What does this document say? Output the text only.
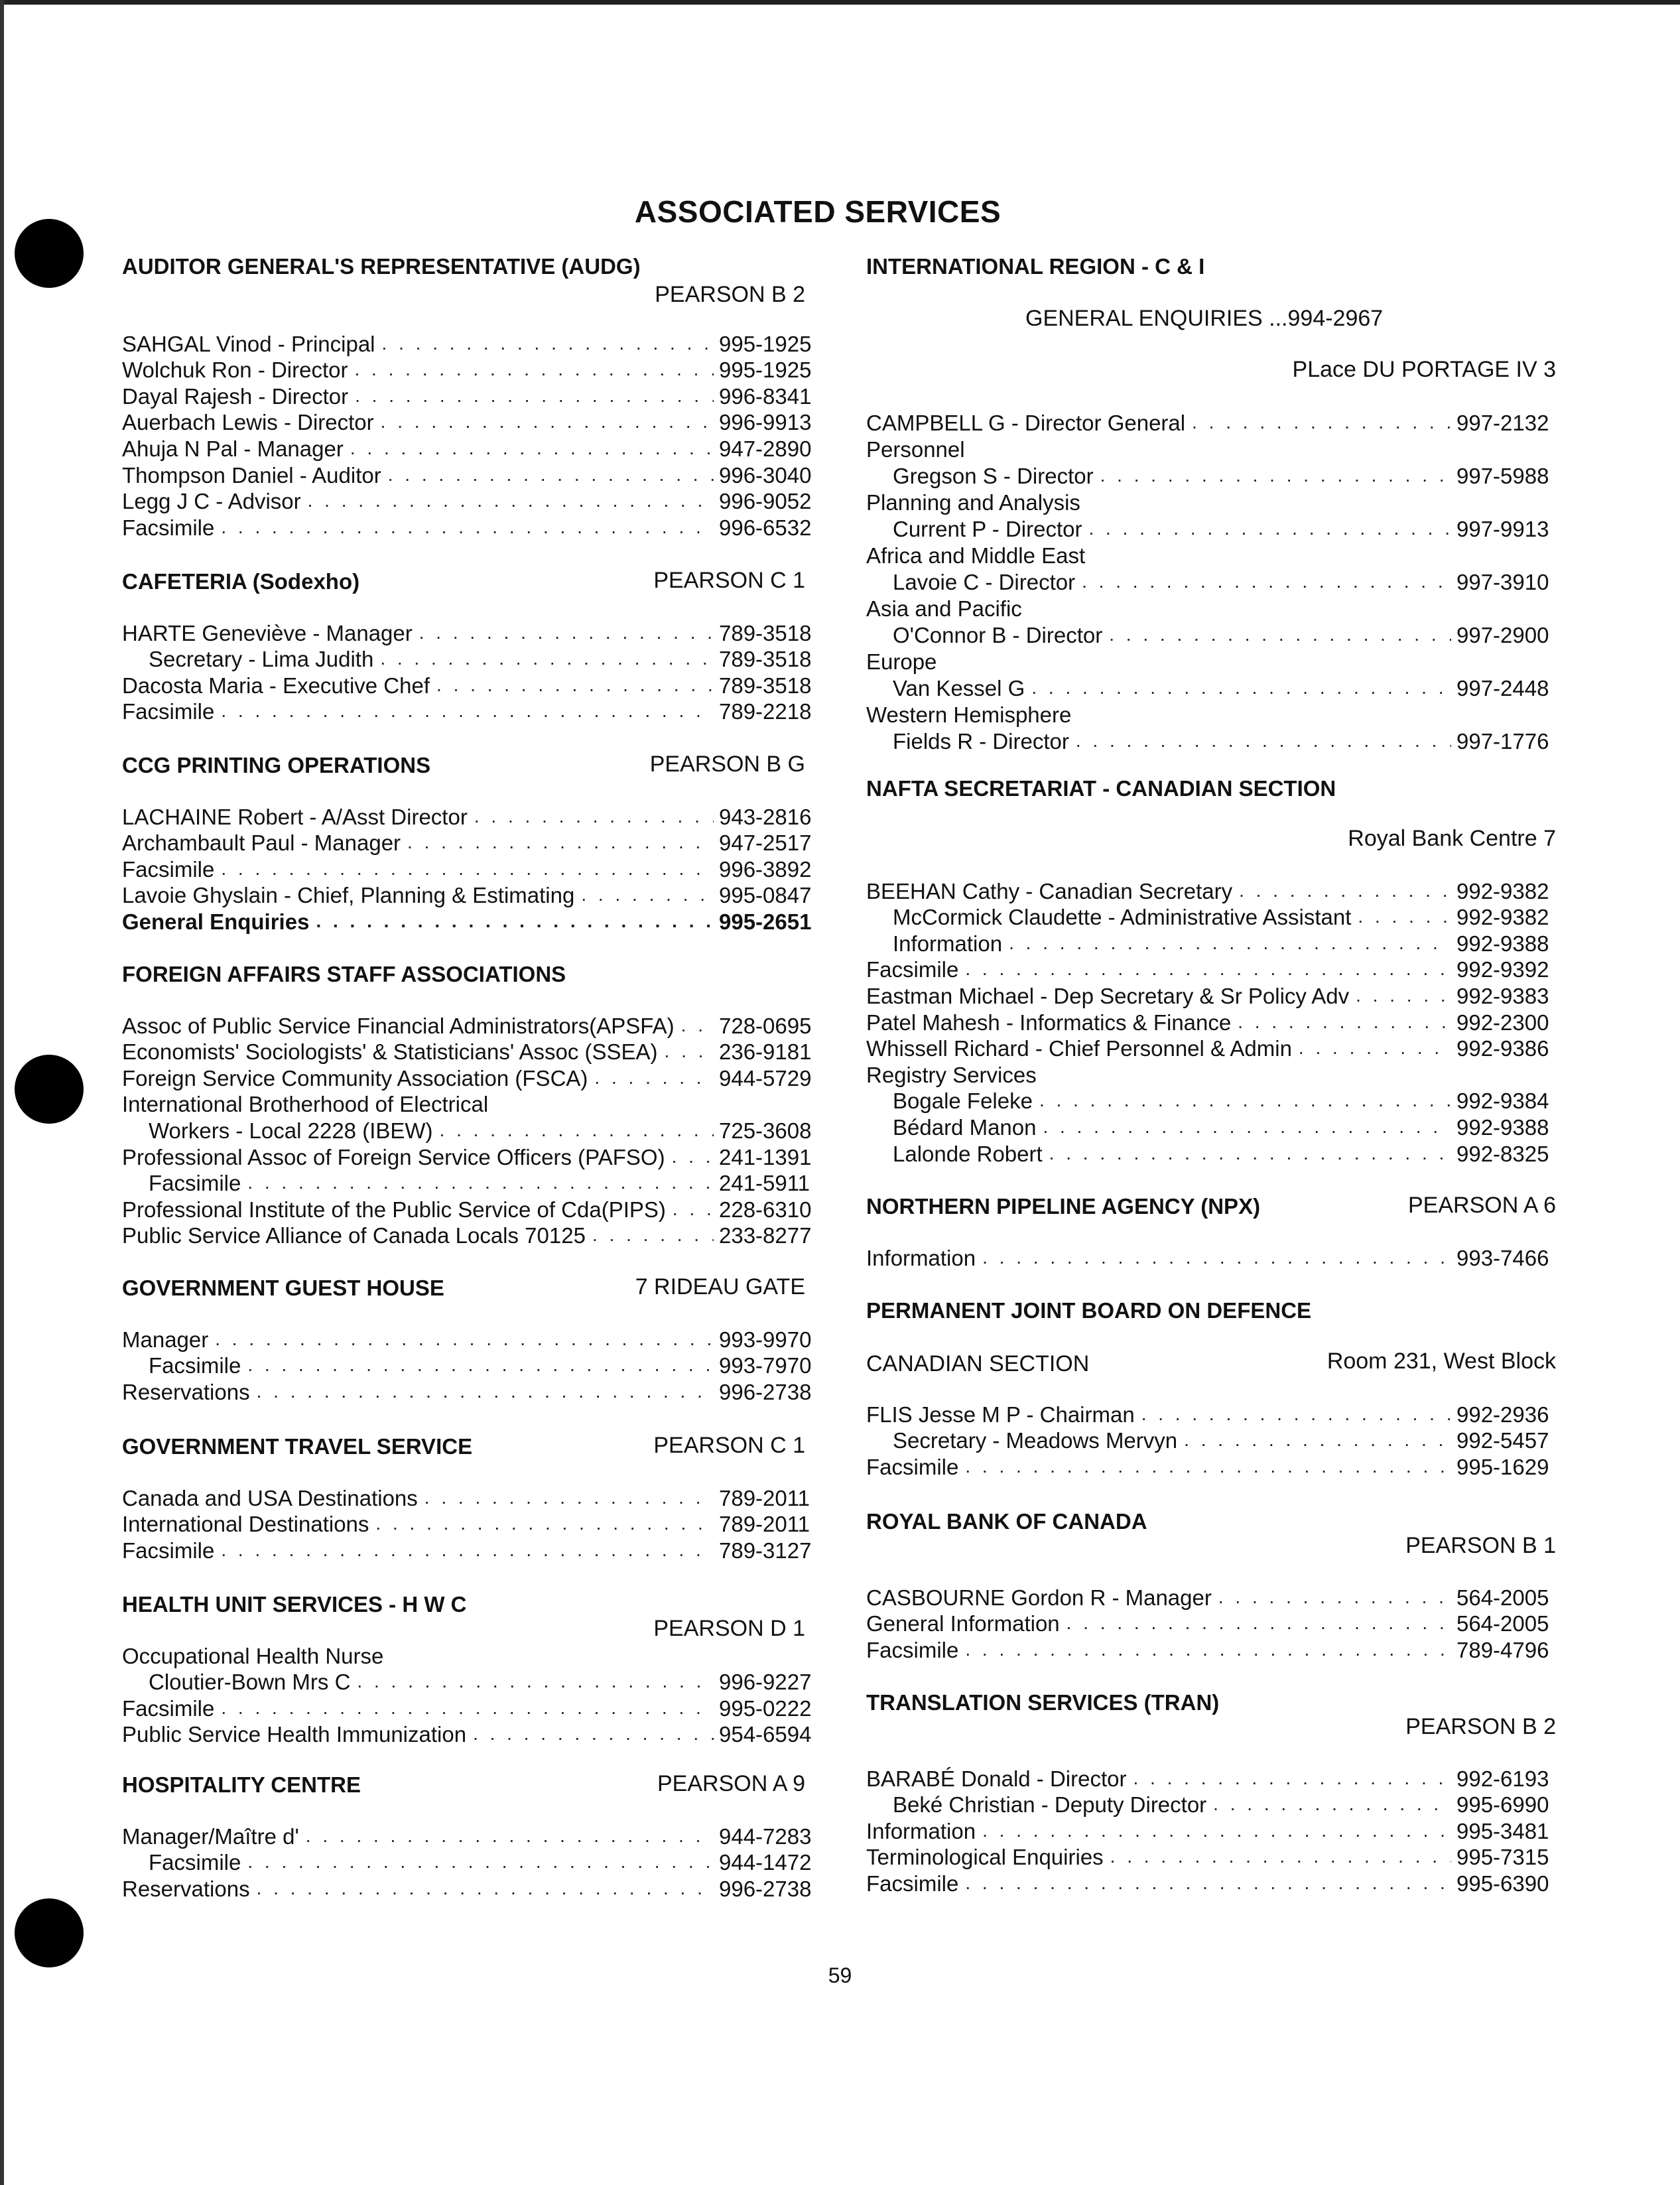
ASSOCIATED SERVICES
AUDITOR GENERAL'S REPRESENTATIVE (AUDG)
PEARSON B 2
SAHGAL Vinod - Principal . . .	995-1925
Wolchuk Ron - Director . . .	995-1925
Dayal Rajesh - Director . . .	996-8341
Auerbach Lewis - Director . . .	996-9913
Ahuja N Pal - Manager . . .	947-2890
Thompson Daniel - Auditor . . .	996-3040
Legg J C - Advisor . . .	996-9052
Facsimile . . .	996-6532
CAFETERIA (Sodexho)	PEARSON C 1
HARTE Geneviève - Manager . . .	789-3518
Secretary - Lima Judith . . .	789-3518
Dacosta Maria - Executive Chef . . .	789-3518
Facsimile . . .	789-2218
CCG PRINTING OPERATIONS	PEARSON B G
LACHAINE Robert - A/Asst Director . . .	943-2816
Archambault Paul - Manager . . .	947-2517
Facsimile . . .	996-3892
Lavoie Ghyslain - Chief, Planning & Estimating . . .	995-0847
General Enquiries . . .	995-2651
FOREIGN AFFAIRS STAFF ASSOCIATIONS
Assoc of Public Service Financial Administrators(APSFA) . . . 728-0695
Economists' Sociologists' & Statisticians' Assoc (SSEA) . . .	236-9181
Foreign Service Community Association (FSCA) . . .	944-5729
International Brotherhood of Electrical
Workers - Local 2228 (IBEW) . . .	725-3608
Professional Assoc of Foreign Service Officers (PAFSO) . . . 241-1391
Facsimile . . .	241-5911
Professional Institute of the Public Service of Cda(PIPS) . . . 228-6310
Public Service Alliance of Canada Locals 70125 . . .	233-8277
GOVERNMENT GUEST HOUSE	7 RIDEAU GATE
Manager . . .	993-9970
Facsimile . . .	993-7970
Reservations . . .	996-2738
GOVERNMENT TRAVEL SERVICE	PEARSON C 1
Canada and USA Destinations . . .	789-2011
International Destinations . . .	789-2011
Facsimile . . .	789-3127
HEALTH UNIT SERVICES - H W C
PEARSON D 1
Occupational Health Nurse
Cloutier-Bown Mrs C . . .	996-9227
Facsimile . . .	995-0222
Public Service Health Immunization . . .	954-6594
HOSPITALITY CENTRE	PEARSON A 9
Manager/Maître d' . . .	944-7283
Facsimile . . .	944-1472
Reservations . . .	996-2738
INTERNATIONAL REGION - C & I
GENERAL ENQUIRIES ...994-2967
PLace DU PORTAGE IV 3
CAMPBELL G - Director General . . .	997-2132
Personnel
Gregson S - Director . . .	997-5988
Planning and Analysis
Current P - Director . . .	997-9913
Africa and Middle East
Lavoie C - Director . . .	997-3910
Asia and Pacific
O'Connor B - Director . . .	997-2900
Europe
Van Kessel G . . .	997-2448
Western Hemisphere
Fields R - Director . . .	997-1776
NAFTA SECRETARIAT - CANADIAN SECTION
Royal Bank Centre 7
BEEHAN Cathy - Canadian Secretary . . .	992-9382
McCormick Claudette - Administrative Assistant . . .	992-9382
Information . . .	992-9388
Facsimile . . .	992-9392
Eastman Michael - Dep Secretary & Sr Policy Adv . . .	992-9383
Patel Mahesh - Informatics & Finance . . .	992-2300
Whissell Richard - Chief Personnel & Admin . . .	992-9386
Registry Services
Bogale Feleke . . .	992-9384
Bédard Manon . . .	992-9388
Lalonde Robert . . .	992-8325
NORTHERN PIPELINE AGENCY (NPX)	PEARSON A 6
Information . . .	993-7466
PERMANENT JOINT BOARD ON DEFENCE
CANADIAN SECTION	Room 231, West Block
FLIS Jesse M P - Chairman . . .	992-2936
Secretary - Meadows Mervyn . . .	992-5457
Facsimile . . .	995-1629
ROYAL BANK OF CANADA
PEARSON B 1
CASBOURNE Gordon R - Manager . . .	564-2005
General Information . . .	564-2005
Facsimile . . .	789-4796
TRANSLATION SERVICES (TRAN)
PEARSON B 2
BARABÉ Donald - Director . . .	992-6193
Beké Christian - Deputy Director . . .	995-6990
Information . . .	995-3481
Terminological Enquiries . . .	995-7315
Facsimile . . .	995-6390
59
